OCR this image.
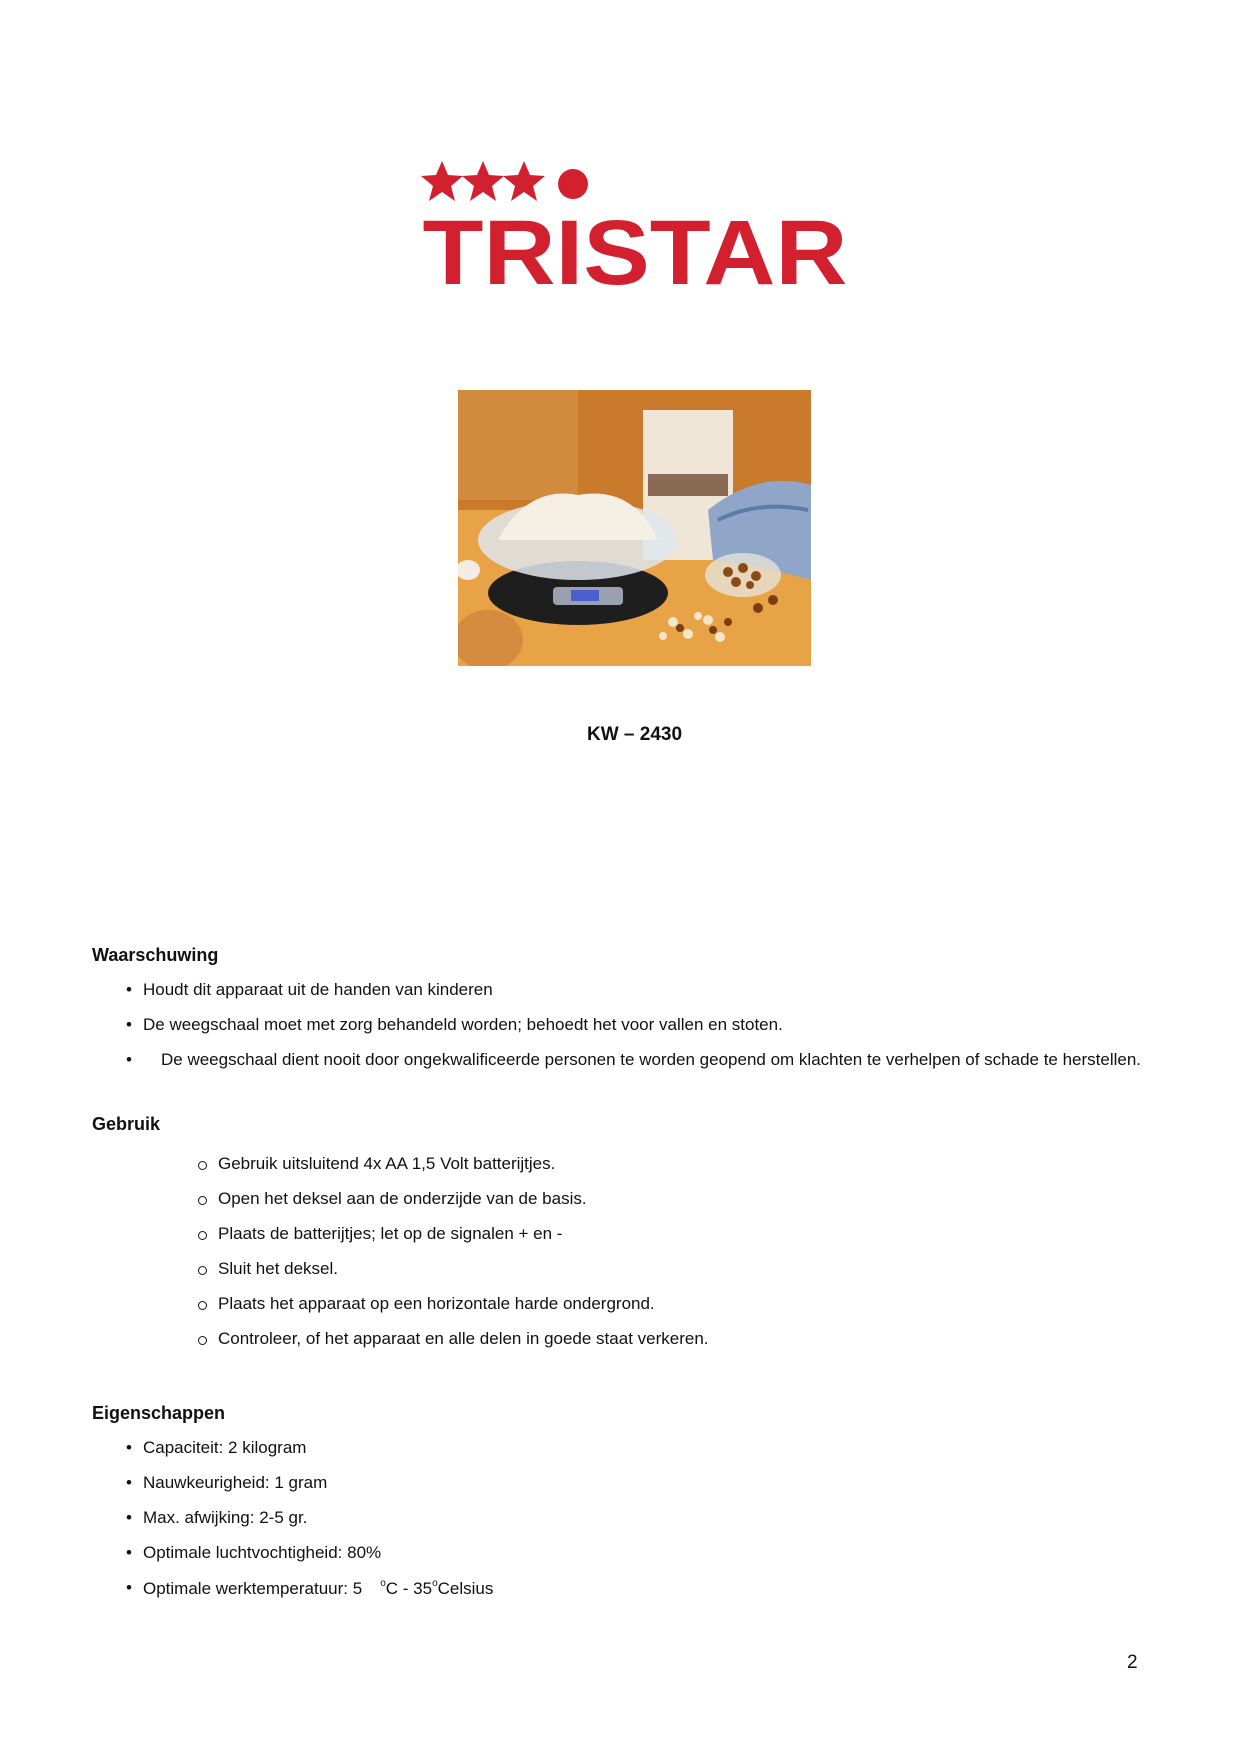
TRISTAR
KW – 2430
Waarschuwing
• Houdt dit apparaat uit de handen van kinderen
• De weegschaal moet met zorg behandeld worden; behoedt het voor vallen en stoten.
• De weegschaal dient nooit door ongekwalificeerde personen te worden geopend om klachten te verhelpen of schade te herstellen.
Gebruik
Gebruik uitsluitend 4x AA 1,5 Volt batterijtjes.
Open het deksel aan de onderzijde van de basis.
Plaats de batterijtjes; let op de signalen + en -
Sluit het deksel.
Plaats het apparaat op een horizontale harde ondergrond.
Controleer, of het apparaat en alle delen in goede staat verkeren.
Eigenschappen
• Capaciteit: 2 kilogram
• Nauwkeurigheid: 1 gram
• Max. afwijking: 2-5 gr.
• Optimale luchtvochtigheid: 80%
• Optimale werktemperatuur: 5 $^o$C - 35$^o$Celsius
2
